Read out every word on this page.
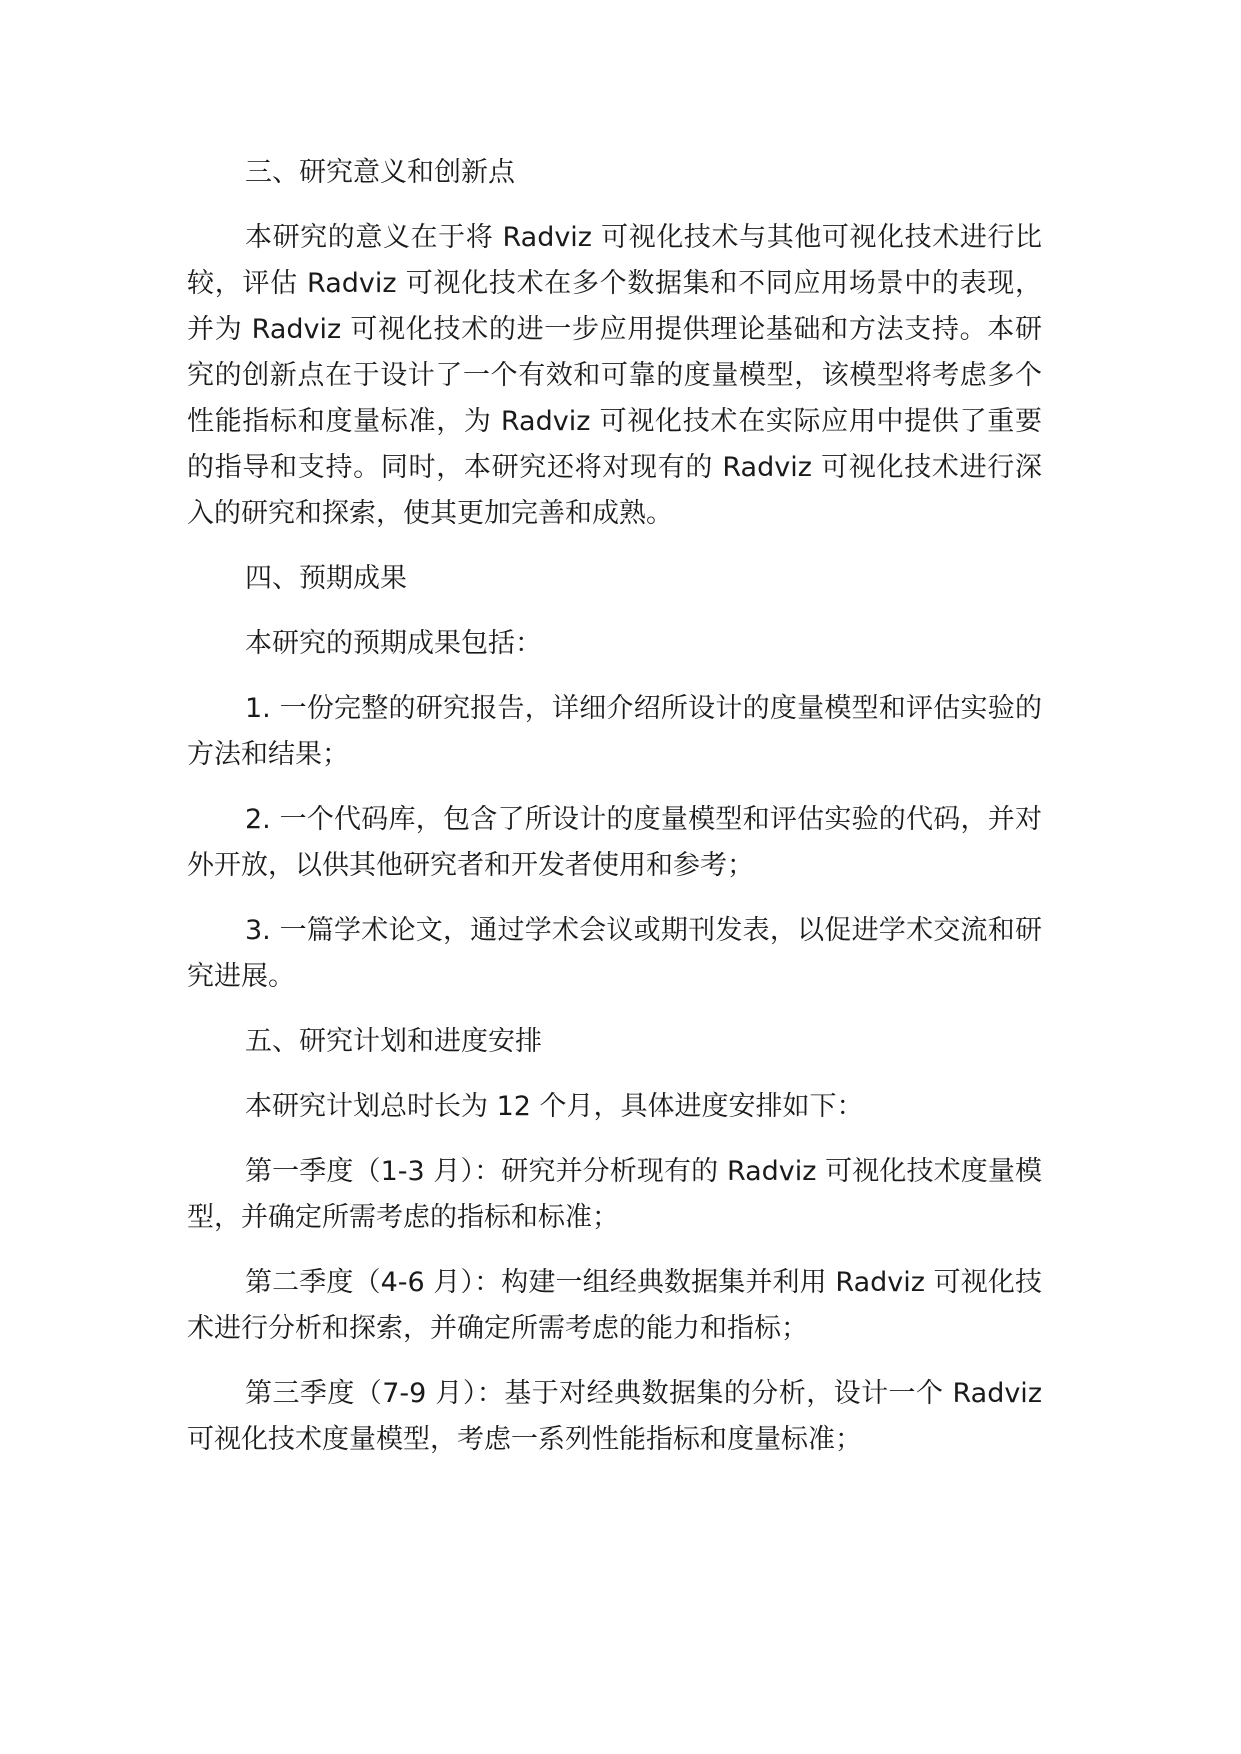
三、研究意义和创新点

本研究的意义在于将 Radviz 可视化技术与其他可视化技术进行比较，评估 Radviz 可视化技术在多个数据集和不同应用场景中的表现，并为 Radviz 可视化技术的进一步应用提供理论基础和方法支持。本研究的创新点在于设计了一个有效和可靠的度量模型，该模型将考虑多个性能指标和度量标准，为 Radviz 可视化技术在实际应用中提供了重要的指导和支持。同时，本研究还将对现有的 Radviz 可视化技术进行深入的研究和探索，使其更加完善和成熟。

四、预期成果

本研究的预期成果包括：

1. 一份完整的研究报告，详细介绍所设计的度量模型和评估实验的方法和结果；

2. 一个代码库，包含了所设计的度量模型和评估实验的代码，并对外开放，以供其他研究者和开发者使用和参考；

3. 一篇学术论文，通过学术会议或期刊发表，以促进学术交流和研究进展。

五、研究计划和进度安排

本研究计划总时长为 12 个月，具体进度安排如下：

第一季度（1-3 月）：研究并分析现有的 Radviz 可视化技术度量模型，并确定所需考虑的指标和标准；

第二季度（4-6 月）：构建一组经典数据集并利用 Radviz 可视化技术进行分析和探索，并确定所需考虑的能力和指标；

第三季度（7-9 月）：基于对经典数据集的分析，设计一个 Radviz 可视化技术度量模型，考虑一系列性能指标和度量标准；
